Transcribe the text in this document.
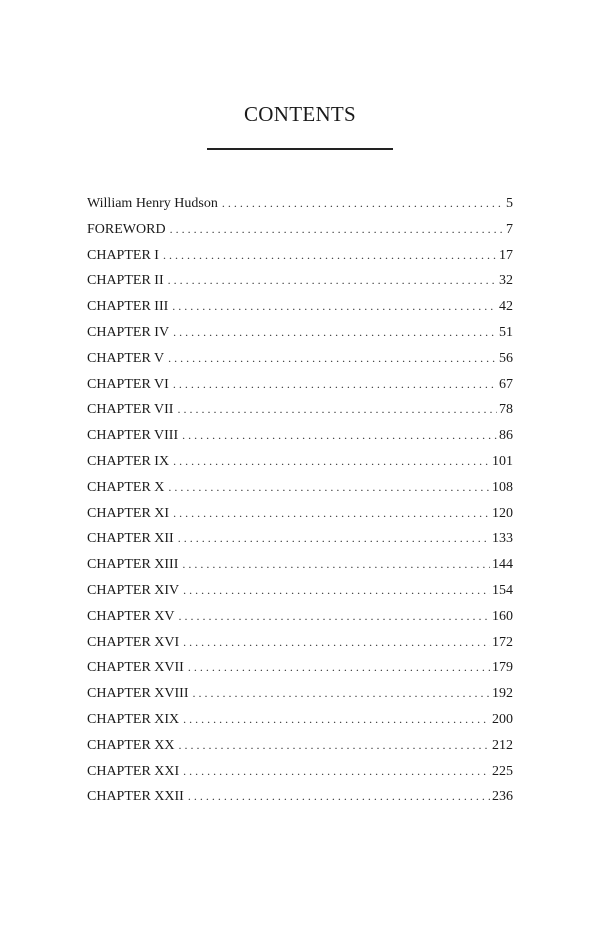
CONTENTS
William Henry Hudson . . .	5
FOREWORD . . .	7
CHAPTER I . . .	17
CHAPTER II . . .	32
CHAPTER III . . .	42
CHAPTER IV . . .	51
CHAPTER V . . .	56
CHAPTER VI . . .	67
CHAPTER VII . . .	78
CHAPTER VIII . . .	86
CHAPTER IX . . .	101
CHAPTER X . . .	108
CHAPTER XI . . .	120
CHAPTER XII . . .	133
CHAPTER XIII . . .	144
CHAPTER XIV . . .	154
CHAPTER XV . . .	160
CHAPTER XVI . . .	172
CHAPTER XVII . . .	179
CHAPTER XVIII . . .	192
CHAPTER XIX . . .	200
CHAPTER XX . . .	212
CHAPTER XXI . . .	225
CHAPTER XXII . . .	236
